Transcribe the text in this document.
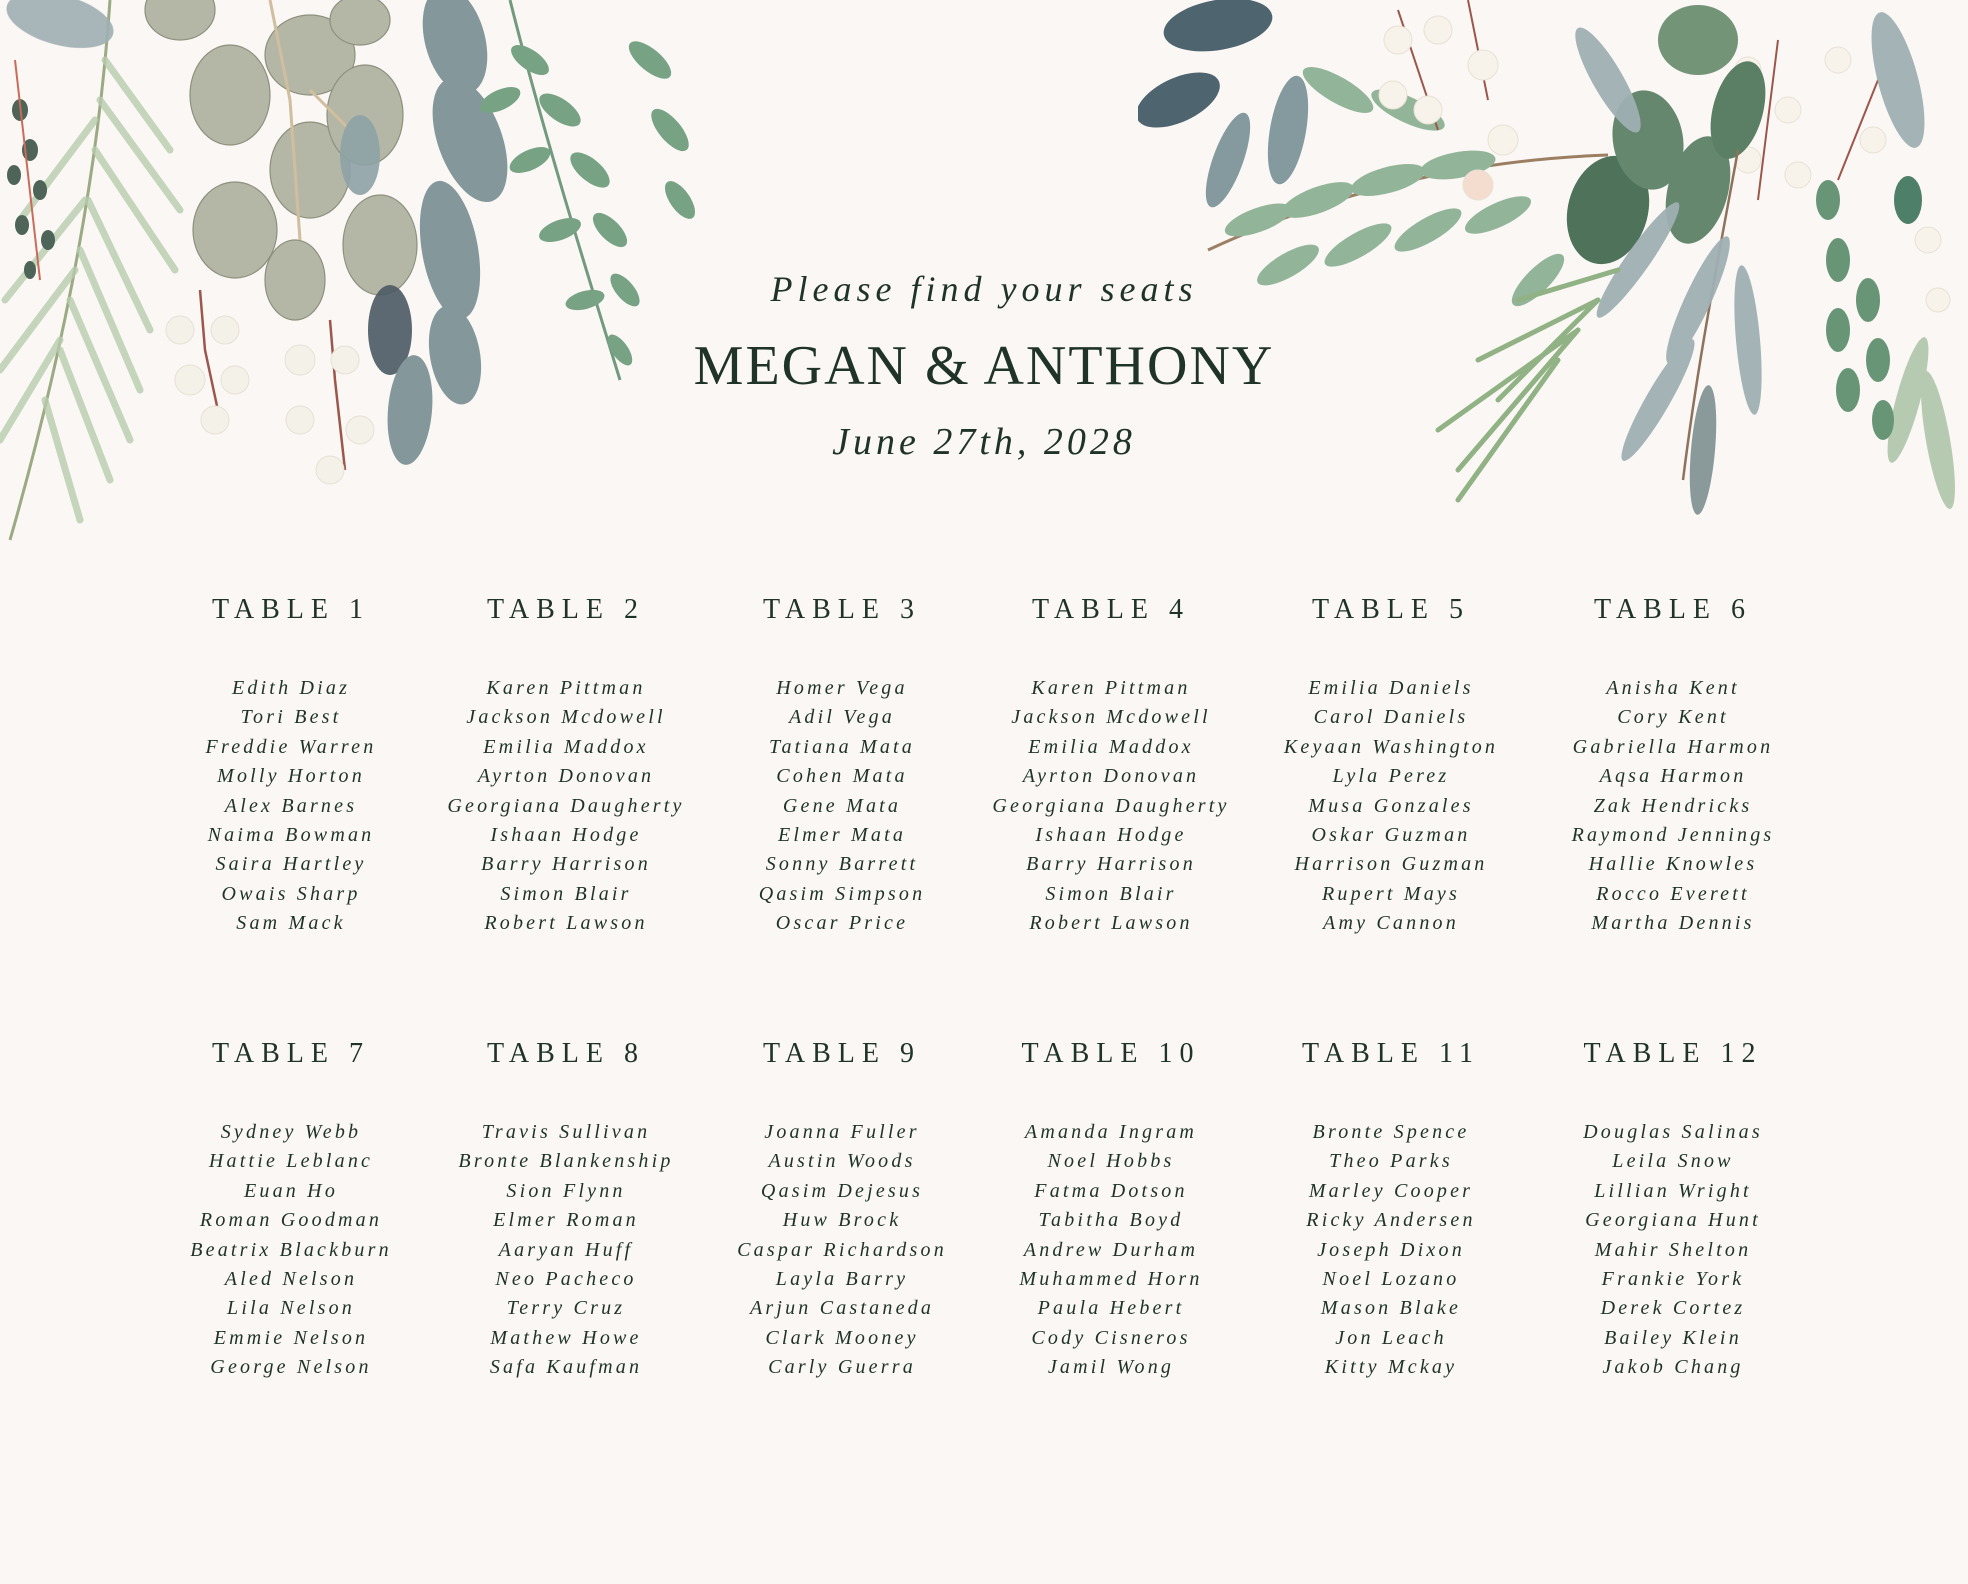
Please find your seats
MEGAN & ANTHONY
June 27th, 2028
TABLE 1
Edith Diaz
Tori Best
Freddie Warren
Molly Horton
Alex Barnes
Naima Bowman
Saira Hartley
Owais Sharp
Sam Mack
TABLE 2
Karen Pittman
Jackson Mcdowell
Emilia Maddox
Ayrton Donovan
Georgiana Daugherty
Ishaan Hodge
Barry Harrison
Simon Blair
Robert Lawson
TABLE 3
Homer Vega
Adil Vega
Tatiana Mata
Cohen Mata
Gene Mata
Elmer Mata
Sonny Barrett
Qasim Simpson
Oscar Price
TABLE 4
Karen Pittman
Jackson Mcdowell
Emilia Maddox
Ayrton Donovan
Georgiana Daugherty
Ishaan Hodge
Barry Harrison
Simon Blair
Robert Lawson
TABLE 5
Emilia Daniels
Carol Daniels
Keyaan Washington
Lyla Perez
Musa Gonzales
Oskar Guzman
Harrison Guzman
Rupert Mays
Amy Cannon
TABLE 6
Anisha Kent
Cory Kent
Gabriella Harmon
Aqsa Harmon
Zak Hendricks
Raymond Jennings
Hallie Knowles
Rocco Everett
Martha Dennis
TABLE 7
Sydney Webb
Hattie Leblanc
Euan Ho
Roman Goodman
Beatrix Blackburn
Aled Nelson
Lila Nelson
Emmie Nelson
George Nelson
TABLE 8
Travis Sullivan
Bronte Blankenship
Sion Flynn
Elmer Roman
Aaryan Huff
Neo Pacheco
Terry Cruz
Mathew Howe
Safa Kaufman
TABLE 9
Joanna Fuller
Austin Woods
Qasim Dejesus
Huw Brock
Caspar Richardson
Layla Barry
Arjun Castaneda
Clark Mooney
Carly Guerra
TABLE 10
Amanda Ingram
Noel Hobbs
Fatma Dotson
Tabitha Boyd
Andrew Durham
Muhammed Horn
Paula Hebert
Cody Cisneros
Jamil Wong
TABLE 11
Bronte Spence
Theo Parks
Marley Cooper
Ricky Andersen
Joseph Dixon
Noel Lozano
Mason Blake
Jon Leach
Kitty Mckay
TABLE 12
Douglas Salinas
Leila Snow
Lillian Wright
Georgiana Hunt
Mahir Shelton
Frankie York
Derek Cortez
Bailey Klein
Jakob Chang
